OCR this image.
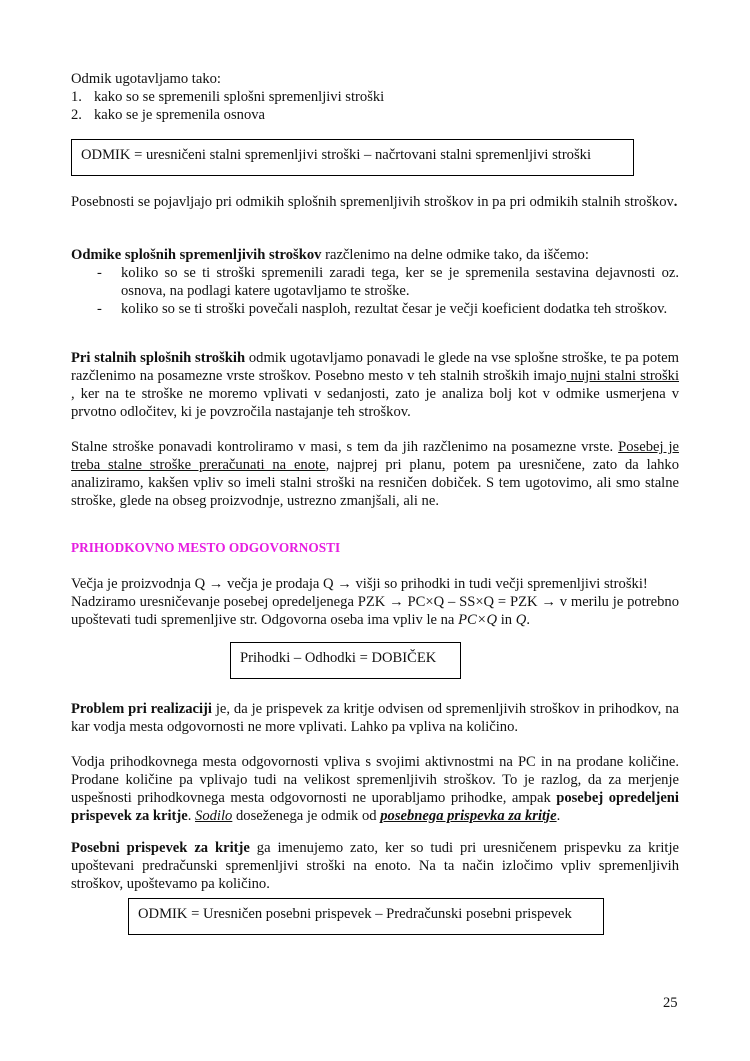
Odmik ugotavljamo tako:

1. kako so se spremenili splošni spremenljivi stroški
2. kako se je spremenila osnova
ODMIK = uresničeni stalni spremenljivi stroški – načrtovani stalni spremenljivi stroški

Posebnosti se pojavljajo pri odmikih splošnih spremenljivih stroškov in pa pri odmikih stalnih stroškov.

Odmike splošnih spremenljivih stroškov razčlenimo na delne odmike tako, da iščemo:

-	koliko so se ti stroški spremenili zaradi tega, ker se je spremenila sestavina dejavnosti oz. osnova, na podlagi katere ugotavljamo te stroške.
-	koliko so se ti stroški povečali nasploh, rezultat česar je večji koeficient dodatka teh stroškov.

Pri stalnih splošnih stroških odmik ugotavljamo ponavadi le glede na vse splošne stroške, te pa potem razčlenimo na posamezne vrste stroškov. Posebno mesto v teh stalnih stroških imajo nujni stalni stroški , ker na te stroške ne moremo vplivati v sedanjosti, zato je analiza bolj kot v odmike usmerjena v prvotno odločitev, ki je povzročila nastajanje teh stroškov.

Stalne stroške ponavadi kontroliramo v masi, s tem da jih razčlenimo na posamezne vrste. Posebej je treba stalne stroške preračunati na enote, najprej pri planu, potem pa uresničene, zato da lahko analiziramo, kakšen vpliv so imeli stalni stroški na resničen dobiček. S tem ugotovimo, ali smo stalne stroške, glede na obseg proizvodnje, ustrezno zmanjšali, ali ne.

PRIHODKOVNO MESTO ODGOVORNOSTI

Večja je proizvodnja Q → večja je prodaja Q → višji so prihodki in tudi večji spremenljivi stroški!

Nadziramo uresničevanje posebej opredeljenega PZK → PC×Q – SS×Q = PZK → v merilu je potrebno upoštevati tudi spremenljive str. Odgovorna oseba ima vpliv le na PC×Q in Q.

Prihodki – Odhodki = DOBIČEK

Problem pri realizaciji je, da je prispevek za kritje odvisen od spremenljivih stroškov in prihodkov, na kar vodja mesta odgovornosti ne more vplivati. Lahko pa vpliva na količino.

Vodja prihodkovnega mesta odgovornosti vpliva s svojimi aktivnostmi na PC in na prodane količine. Prodane količine pa vplivajo tudi na velikost spremenljivih stroškov. To je razlog, da za merjenje uspešnosti prihodkovnega mesta odgovornosti ne uporabljamo prihodke, ampak posebej opredeljeni prispevek za kritje. Sodilo doseženega je odmik od posebnega prispevka za kritje.

Posebni prispevek za kritje ga imenujemo zato, ker so tudi pri uresničenem prispevku za kritje upoštevani predračunski spremenljivi stroški na enoto. Na ta način izločimo vpliv spremenljivih stroškov, upoštevamo pa količino.

ODMIK = Uresničen posebni prispevek – Predračunski posebni prispevek
25
